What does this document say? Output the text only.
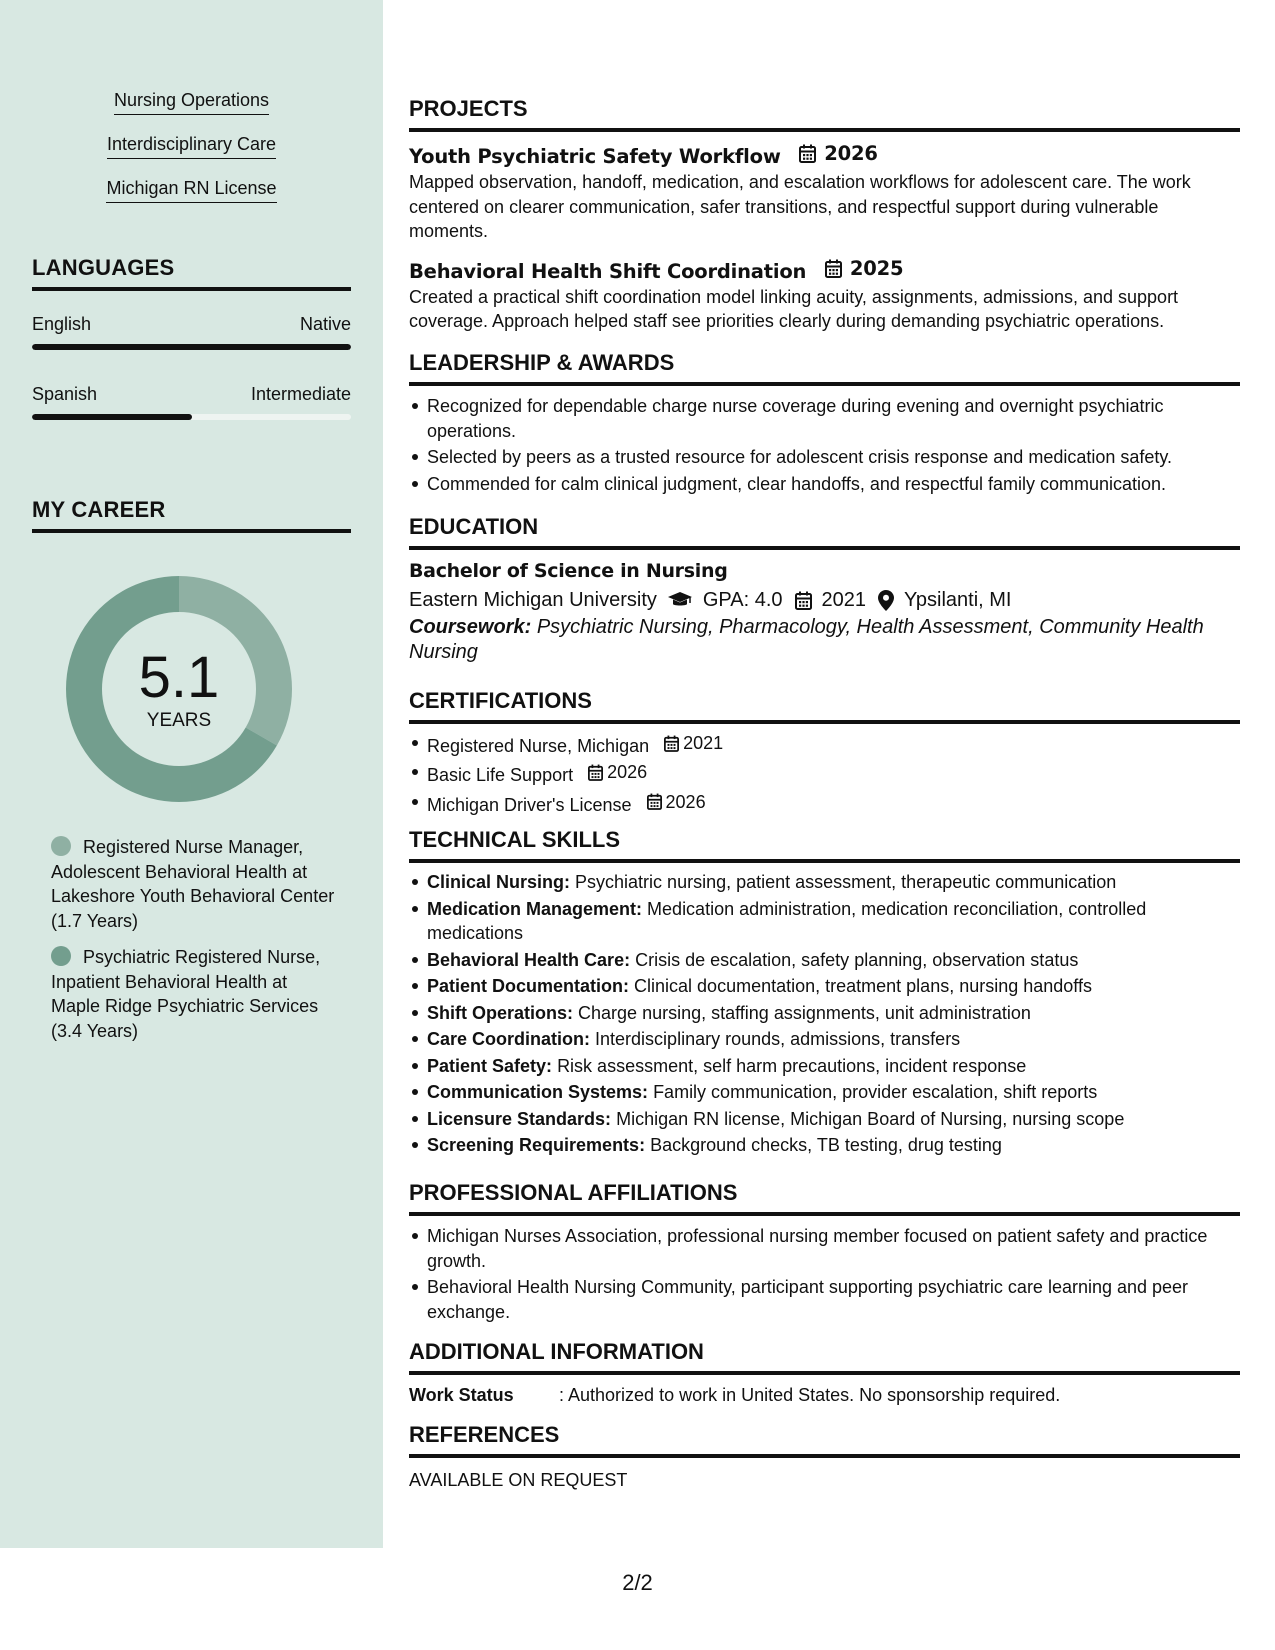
Nursing Operations
Interdisciplinary Care
Michigan RN License
LANGUAGES
English	Native
Spanish	Intermediate
MY CAREER
5.1
YEARS
Registered Nurse Manager, Adolescent Behavioral Health at Lakeshore Youth Behavioral Center (1.7 Years)
Psychiatric Registered Nurse, Inpatient Behavioral Health at Maple Ridge Psychiatric Services (3.4 Years)
PROJECTS
Youth Psychiatric Safety Workflow 2026
Mapped observation, handoff, medication, and escalation workflows for adolescent care. The work centered on clearer communication, safer transitions, and respectful support during vulnerable moments.
Behavioral Health Shift Coordination 2025
Created a practical shift coordination model linking acuity, assignments, admissions, and support coverage. Approach helped staff see priorities clearly during demanding psychiatric operations.
LEADERSHIP & AWARDS
Recognized for dependable charge nurse coverage during evening and overnight psychiatric operations.
Selected by peers as a trusted resource for adolescent crisis response and medication safety.
Commended for calm clinical judgment, clear handoffs, and respectful family communication.
EDUCATION
Bachelor of Science in Nursing
Eastern Michigan University GPA: 4.0 2021 Ypsilanti, MI
Coursework: Psychiatric Nursing, Pharmacology, Health Assessment, Community Health Nursing
CERTIFICATIONS
Registered Nurse, Michigan 2021
Basic Life Support 2026
Michigan Driver's License 2026
TECHNICAL SKILLS
Clinical Nursing: Psychiatric nursing, patient assessment, therapeutic communication
Medication Management: Medication administration, medication reconciliation, controlled medications
Behavioral Health Care: Crisis de escalation, safety planning, observation status
Patient Documentation: Clinical documentation, treatment plans, nursing handoffs
Shift Operations: Charge nursing, staffing assignments, unit administration
Care Coordination: Interdisciplinary rounds, admissions, transfers
Patient Safety: Risk assessment, self harm precautions, incident response
Communication Systems: Family communication, provider escalation, shift reports
Licensure Standards: Michigan RN license, Michigan Board of Nursing, nursing scope
Screening Requirements: Background checks, TB testing, drug testing
PROFESSIONAL AFFILIATIONS
Michigan Nurses Association, professional nursing member focused on patient safety and practice growth.
Behavioral Health Nursing Community, participant supporting psychiatric care learning and peer exchange.
ADDITIONAL INFORMATION
Work Status	: Authorized to work in United States. No sponsorship required.
REFERENCES
AVAILABLE ON REQUEST
2/2
